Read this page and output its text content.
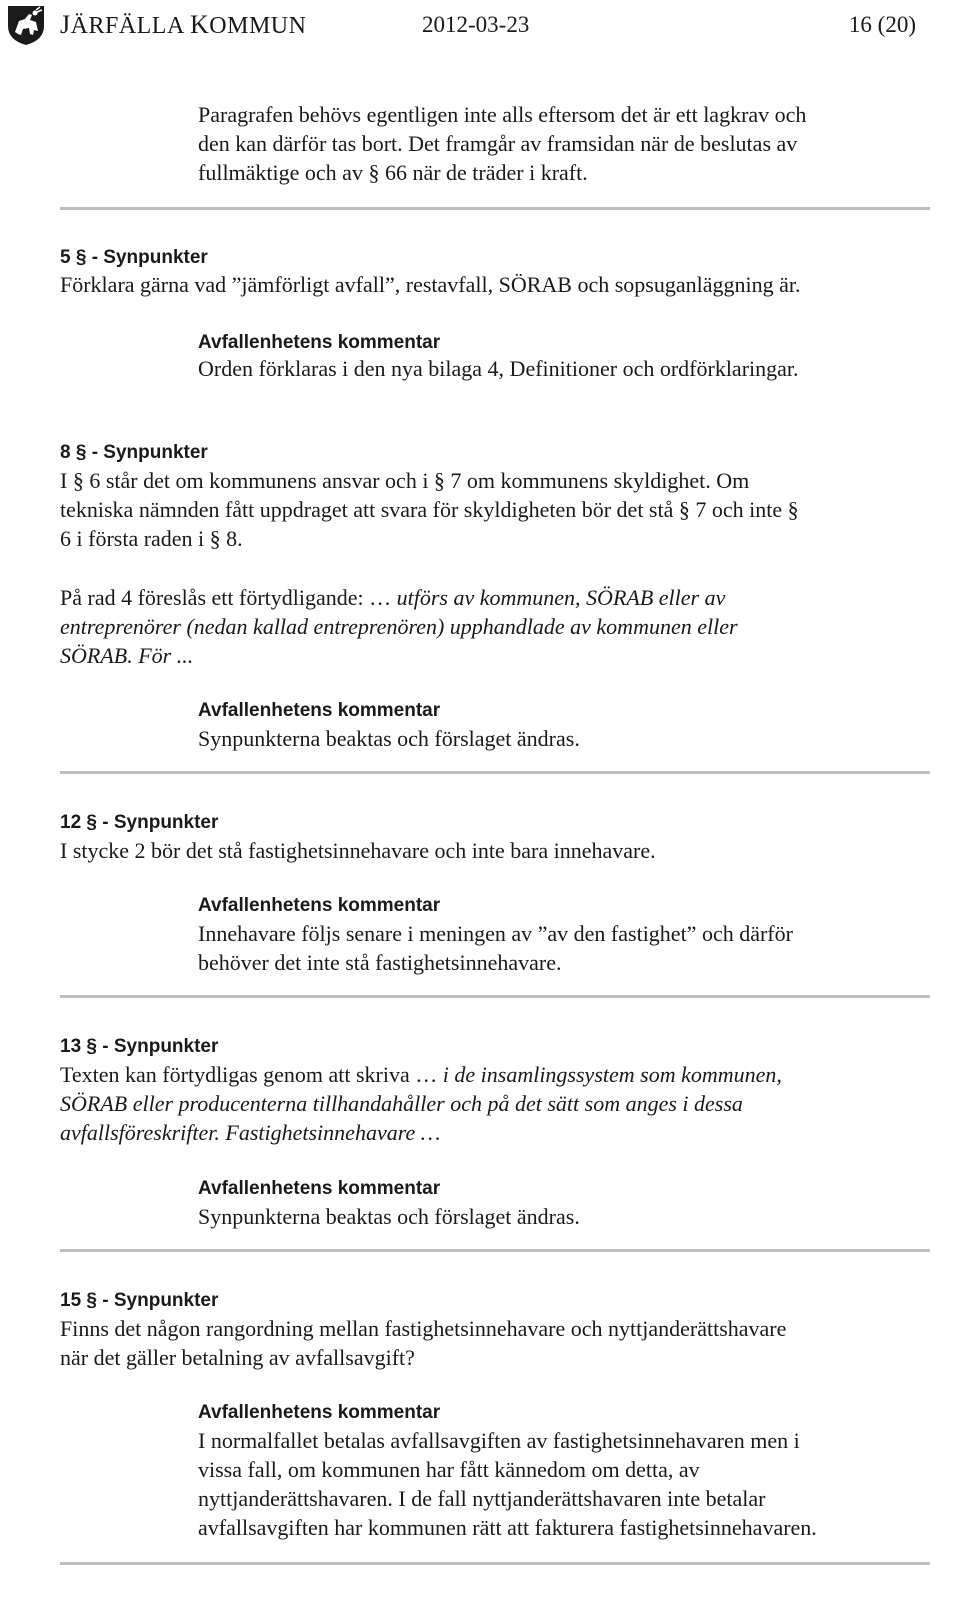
JÄRFÄLLA KOMMUN	2012-03-23	16 (20)

Paragrafen behövs egentligen inte alls eftersom det är ett lagkrav och

den kan därför tas bort. Det framgår av framsidan när de beslutas av

fullmäktige och av § 66 när de träder i kraft.

5 § - Synpunkter
Förklara gärna vad ”jämförligt avfall”, restavfall, SÖRAB och sopsuganläggning är.
Avfallenhetens kommentar
Orden förklaras i den nya bilaga 4, Definitioner och ordförklaringar.
8 § - Synpunkter

I § 6 står det om kommunens ansvar och i § 7 om kommunens skyldighet. Om

tekniska nämnden fått uppdraget att svara för skyldigheten bör det stå § 7 och inte §

6 i första raden i § 8.

På rad 4 föreslås ett förtydligande: … utförs av kommunen, SÖRAB eller av

entreprenörer (nedan kallad entreprenören) upphandlade av kommunen eller

SÖRAB. För ...

Avfallenhetens kommentar
Synpunkterna beaktas och förslaget ändras.
12 § - Synpunkter
I stycke 2 bör det stå fastighetsinnehavare och inte bara innehavare.
Avfallenhetens kommentar

Innehavare följs senare i meningen av ”av den fastighet” och därför

behöver det inte stå fastighetsinnehavare.

13 § - Synpunkter

Texten kan förtydligas genom att skriva … i de insamlingssystem som kommunen,

SÖRAB eller producenterna tillhandahåller och på det sätt som anges i dessa

avfallsföreskrifter. Fastighetsinnehavare …

Avfallenhetens kommentar
Synpunkterna beaktas och förslaget ändras.
15 § - Synpunkter

Finns det någon rangordning mellan fastighetsinnehavare och nyttjanderättshavare

när det gäller betalning av avfallsavgift?

Avfallenhetens kommentar

I normalfallet betalas avfallsavgiften av fastighetsinnehavaren men i

vissa fall, om kommunen har fått kännedom om detta, av

nyttjanderättshavaren. I de fall nyttjanderättshavaren inte betalar

avfallsavgiften har kommunen rätt att fakturera fastighetsinnehavaren.
